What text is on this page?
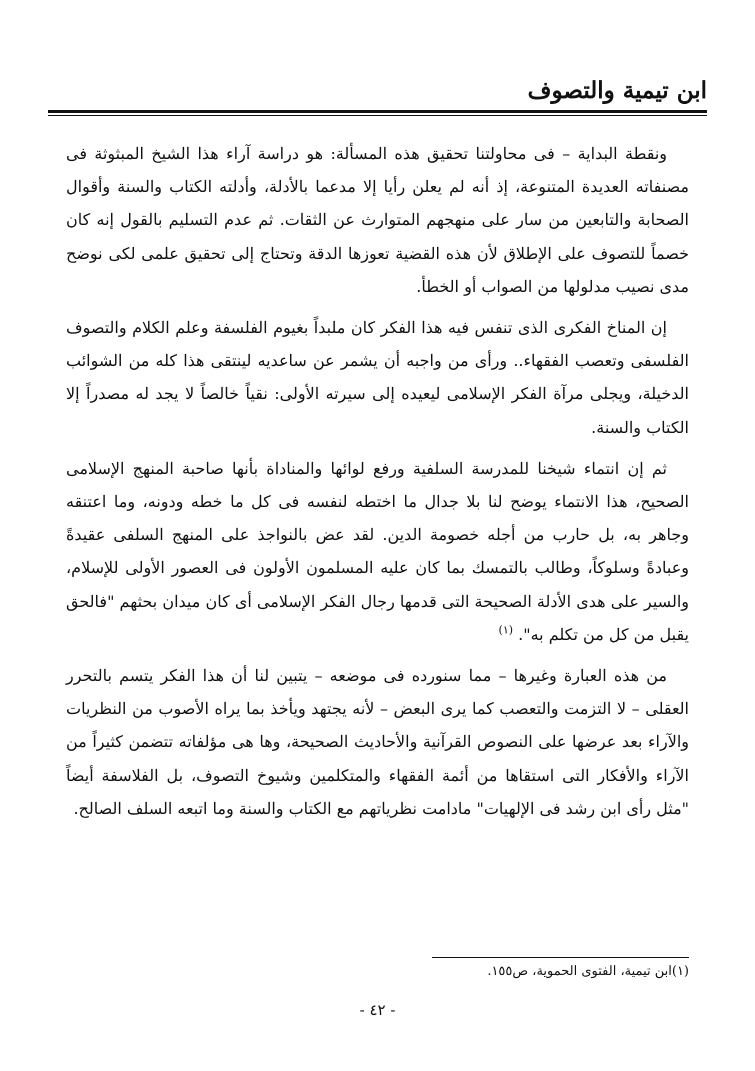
ابن تيمية والتصوف

ونقطة البداية – فى محاولتنا تحقيق هذه المسألة: هو دراسة آراء هذا الشيخ المبثوثة فى مصنفاته العديدة المتنوعة، إذ أنه لم يعلن رأيا إلا مدعما بالأدلة، وأدلته الكتاب والسنة وأقوال الصحابة والتابعين من سار على منهجهم المتوارث عن الثقات. ثم عدم التسليم بالقول إنه كان خصماً للتصوف على الإطلاق لأن هذه القضية تعوزها الدقة وتحتاج إلى تحقيق علمى لكى نوضح مدى نصيب مدلولها من الصواب أو الخطأ.

إن المناخ الفكرى الذى تنفس فيه هذا الفكر كان ملبداً بغيوم الفلسفة وعلم الكلام والتصوف الفلسفى وتعصب الفقهاء.. ورأى من واجبه أن يشمر عن ساعديه لينتقى هذا كله من الشوائب الدخيلة، ويجلى مرآة الفكر الإسلامى ليعيده إلى سيرته الأولى: نقياً خالصاً لا يجد له مصدراً إلا الكتاب والسنة.

ثم إن انتماء شيخنا للمدرسة السلفية ورفع لوائها والمناداة بأنها صاحبة المنهج الإسلامى الصحيح، هذا الانتماء يوضح لنا بلا جدال ما اختطه لنفسه فى كل ما خطه ودونه، وما اعتنقه وجاهر به، بل حارب من أجله خصومة الدين. لقد عض بالنواجذ على المنهج السلفى عقيدةً وعبادةً وسلوكاً، وطالب بالتمسك بما كان عليه المسلمون الأولون فى العصور الأولى للإسلام، والسير على هدى الأدلة الصحيحة التى قدمها رجال الفكر الإسلامى أى كان ميدان بحثهم "فالحق يقبل من كل من تكلم به". $^{(١)}$

من هذه العبارة وغيرها – مما سنورده فى موضعه – يتبين لنا أن هذا الفكر يتسم بالتحرر العقلى – لا التزمت والتعصب كما يرى البعض – لأنه يجتهد ويأخذ بما يراه الأصوب من النظريات والآراء بعد عرضها على النصوص القرآنية والأحاديث الصحيحة، وها هى مؤلفاته تتضمن كثيراً من الآراء والأفكار التى استقاها من أئمة الفقهاء والمتكلمين وشيوخ التصوف، بل الفلاسفة أيضاً "مثل رأى ابن رشد فى الإلهيات" مادامت نظرياتهم مع الكتاب والسنة وما اتبعه السلف الصالح.

(١)ابن تيمية، الفتوى الحموية، ص١٥٥.
- ٤٢ -
